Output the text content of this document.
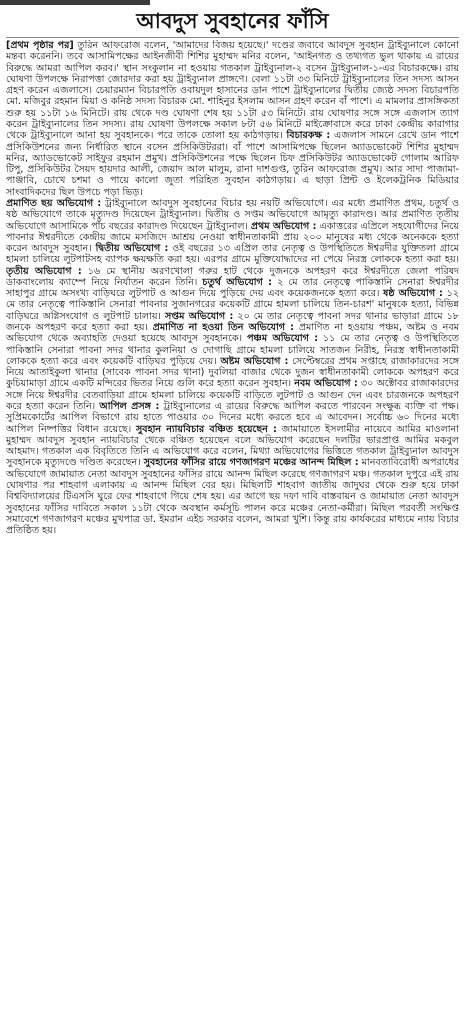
আবদুস সুবহানের ফাঁসি

[প্রথম পৃষ্ঠার পর] তুরিন আফরোজ বলেন, 'আমাদের বিজয় হয়েছে।' দণ্ডের জবাবে আবদুস সুবহান ট্রাইব্যুনালে কোনো মন্তব্য করেননি। তবে আসামিপক্ষের আইনজীবী শিশির মুহাম্মদ মনির বলেন, 'আইনগত ও তথ্যগত ভুল থাকায় এ রায়ের বিরুদ্ধে আমরা আপিল করব।' স্থান সংকুলান না হওয়ায় গতকাল ট্রাইব্যুনাল-২ বসেন ট্রাইব্যুনাল-১-এর বিচারকক্ষে। রায় ঘোষণা উপলক্ষে নিরাপত্তা জোরদার করা হয় ট্রাইব্যুনাল প্রাঙ্গণে। বেলা ১১টা ৩৩ মিনিটে ট্রাইব্যুনালের তিন সদস্য আসন গ্রহণ করেন এজলাসে। চেয়ারম্যান বিচারপতি ওবায়দুল হাসানের ডান পাশে ট্রাইব্যুনালের দ্বিতীয় জ্যেষ্ঠ সদস্য বিচারপতি মো. মজিবুর রহমান মিয়া ও কনিষ্ঠ সদস্য বিচারক মো. শাহিনুর ইসলাম আসন গ্রহণ করেন বাঁ পাশে। এ মামলার প্রাসঙ্গিকতা শুরু হয় ১১টা ১৬ মিনিটে। রায় থেকে দণ্ড ঘোষণা শেষ হয় ১১টা ৫৩ মিনিটে। রায় ঘোষণার সঙ্গে সঙ্গে এজলাস ত্যাগ করেন ট্রাইব্যুনালের তিন সদস্য। রায় ঘোষণা উপলক্ষে সকাল ৮টা ৫৬ মিনিটে মাইক্রোবাসে করে ঢাকা কেন্দ্রীয় কারাগার থেকে ট্রাইব্যুনালে আনা হয় সুবহানকে। পরে তাকে তোলা হয় কাঠগড়ায়। বিচারকক্ষ : এজলাস সামনে রেখে ডান পাশে প্রসিকিউশনের জন্য নির্ধারিত স্থানে বসেন প্রসিকিউটররা। বাঁ পাশে আসামিপক্ষে ছিলেন অ্যাডভোকেট শিশির মুহাম্মদ মনির, অ্যাডভোকেট সাইফুর রহমান প্রমুখ। প্রসিকিউশনের পক্ষে ছিলেন চিফ প্রসিকিউটর অ্যাডভোকেট গোলাম আরিফ টিপু, প্রসিকিউটর সৈয়দ হায়দার আলী, জেয়াদ আল মালুম, রানা দাশগুপ্ত, তুরিন আফরোজ প্রমুখ। আর সাদা পাজামা-পাঞ্জাবি, চোখে চশমা ও পায়ে কালো জুতা পরিহিত সুবহান কাঠগড়ায়। এ ছাড়া প্রিন্ট ও ইলেকট্রনিক মিডিয়ার সাংবাদিকদের ছিল উপচে পড়া ভিড়।

প্রমাণিত ছয় অভিযোগ : ট্রাইব্যুনালে আবদুস সুবহানের বিচার হয় নয়টি অভিযোগে। এর মধ্যে প্রমাণিত প্রথম, চতুর্থ ও ষষ্ঠ অভিযোগে তাকে মৃত্যুদণ্ড দিয়েছেন ট্রাইব্যুনাল। দ্বিতীয় ও সপ্তম অভিযোগে আমৃত্যু কারাদণ্ড। আর প্রমাণিত তৃতীয় অভিযোগে আসামিকে পাঁচ বছরের কারাদণ্ড দিয়েছেন ট্রাইব্যুনাল। প্রথম অভিযোগ : একাত্তরের এপ্রিলে সহযোগীদের নিয়ে পাবনার ঈশ্বরদীতে কেন্দ্রীয় জামে মসজিদে আশ্রয় নেওয়া স্বাধীনতাকামী প্রায় ২০০ মানুষের মধ্য থেকে অনেককে হত্যা করেন আবদুস সুবহান। দ্বিতীয় অভিযোগ : ওই বছরের ১৩ এপ্রিল তার নেতৃত্ব ও উপস্থিতিতে ঈশ্বরদীর যুক্তিতলা গ্রামে হামলা চালিয়ে লুটপাটসহ ব্যাপক ক্ষয়ক্ষতি করা হয়। এরপর গ্রামে মুক্তিযোদ্ধাদের না পেয়ে নিরস্ত্র লোককে হত্যা করা হয়। তৃতীয় অভিযোগ : ১৬ মে স্থানীয় অরণখোলা গরুর হাট থেকে দুজনকে অপহরণ করে ঈশ্বরদীতে জেলা পরিষদ ডাকবাংলোয় ক্যাম্পে নিয়ে নির্যাতন করেন তিনি। চতুর্থ অভিযোগ : ২ মে তার নেতৃত্বে পাকিস্তানি সেনারা ঈশ্বরদীর সাহাপুর গ্রামে অসংখ্য বাড়িঘরে লুটপাট ও আগুন দিয়ে পুড়িয়ে দেয় এবং কয়েকজনকে হত্যা করে। ষষ্ঠ অভিযোগ : ১২ মে তার নেতৃত্বে পাকিস্তানি সেনারা পাবনার সুজানগরের কয়েকটি গ্রামে হামলা চালিয়ে তিন-চারশ' মানুষকে হত্যা, বিভিন্ন বাড়িঘরে অগ্নিসংযোগ ও লুটপাট চালায়। সপ্তম অভিযোগ : ২০ মে তার নেতৃত্বে পাবনা সদর থানার ভাড়ারা গ্রামে ১৮ জনকে অপহরণ করে হত্যা করা হয়। প্রমাণিত না হওয়া তিন অভিযোগ : প্রমাণিত না হওয়ায় পঞ্চম, অষ্টম ও নবম অভিযোগ থেকে অব্যাহতি দেওয়া হয়েছে আবদুস সুবহানকে। পঞ্চম অভিযোগ : ১১ মে তার নেতৃত্ব ও উপস্থিতিতে পাকিস্তানি সেনারা পাবনা সদর থানার কুলনিয়া ও দোগাছি গ্রামে হামলা চালিয়ে সাতজন নিরীহ, নিরস্ত্র স্বাধীনতাকামী লোককে হত্যা করে এবং কয়েকটি বাড়িঘর পুড়িয়ে দেয়। অষ্টম অভিযোগ : সেপ্টেম্বরের প্রথম সপ্তাহে রাজাকারদের সঙ্গে নিয়ে আতাইকুলা থানার (সাবেক পাবনা সদর থানা) দুবলিয়া বাজার থেকে দুজন স্বাধীনতাকামী লোককে অপহরণ করে কুচিয়ামাড়া গ্রামে একটি মন্দিরের ভিতর নিয়ে গুলি করে হত্যা করেন সুবহান। নবম অভিযোগ : ৩০ অক্টোবর রাজাকারদের সঙ্গে নিয়ে ঈশ্বরদীর বেতবাড়িয়া গ্রামে হামলা চালিয়ে কয়েকটি বাড়িতে লুটপাট ও আগুন দেন এবং চারজনকে অপহরণ করে হত্যা করেন তিনি। আপিল প্রসঙ্গ : ট্রাইব্যুনালের এ রায়ের বিরুদ্ধে আপিল করতে পারবেন সংক্ষুব্ধ ব্যক্তি বা পক্ষ। সুপ্রিমকোর্টের আপিল বিভাগে রায় হাতে পাওয়ার ৩০ দিনের মধ্যে করতে হবে এ আবেদন। সর্বোচ্চ ৬০ দিনের মধ্যে আপিল নিষ্পত্তির বিধান রয়েছে। সুবহান ন্যায়বিচার বঞ্চিত হয়েছেন : জামায়াতে ইসলামীর নায়েবে আমির মাওলানা মুহাম্মদ আবদুস সুবহান ন্যায়বিচার থেকে বঞ্চিত হয়েছেন বলে অভিযোগ করেছেন দলটির ভারপ্রাপ্ত আমির মকবুল আহমাদ। গতকাল এক বিবৃতিতে তিনি এ অভিযোগ করে বলেন, মিথ্যা অভিযোগের ভিত্তিতে গতকাল ট্রাইব্যুনাল আবদুস সুবহানকে মৃত্যুদণ্ডে দণ্ডিত করেছেন। সুবহানের ফাঁসির রায়ে গণজাগরণ মঞ্চের আনন্দ মিছিল : মানবতাবিরোধী অপরাধের অভিযোগে জামায়াত নেতা আবদুস সুবহানের ফাঁসির রায়ে আনন্দ মিছিল করেছে গণজাগরণ মঞ্চ। গতকাল দুপুরে এই রায় ঘোষণার পর শাহবাগ এলাকায় এ আনন্দ মিছিল বের হয়। মিছিলটি শাহবাগ জাতীয় জাদুঘর থেকে শুরু হয়ে ঢাকা বিশ্ববিদ্যালয়ের টিএসসি ঘুরে ফের শাহবাগে গিয়ে শেষ হয়। এর আগে ছয় দফা দাবি বাস্তবায়ন ও জামায়াত নেতা আবদুস সুবহানের ফাঁসির দাবিতে সকাল ১১টা থেকে অবস্থান কর্মসূচি পালন করে মঞ্চের নেতা-কর্মীরা। মিছিল পরবর্তী সংক্ষিপ্ত সমাবেশে গণজাগরণ মঞ্চের মুখপাত্র ডা. ইমরান এইচ সরকার বলেন, আমরা খুশি। কিন্তু রায় কার্যকরের মাধ্যমে ন্যায় বিচার প্রতিষ্ঠিত হয়।
